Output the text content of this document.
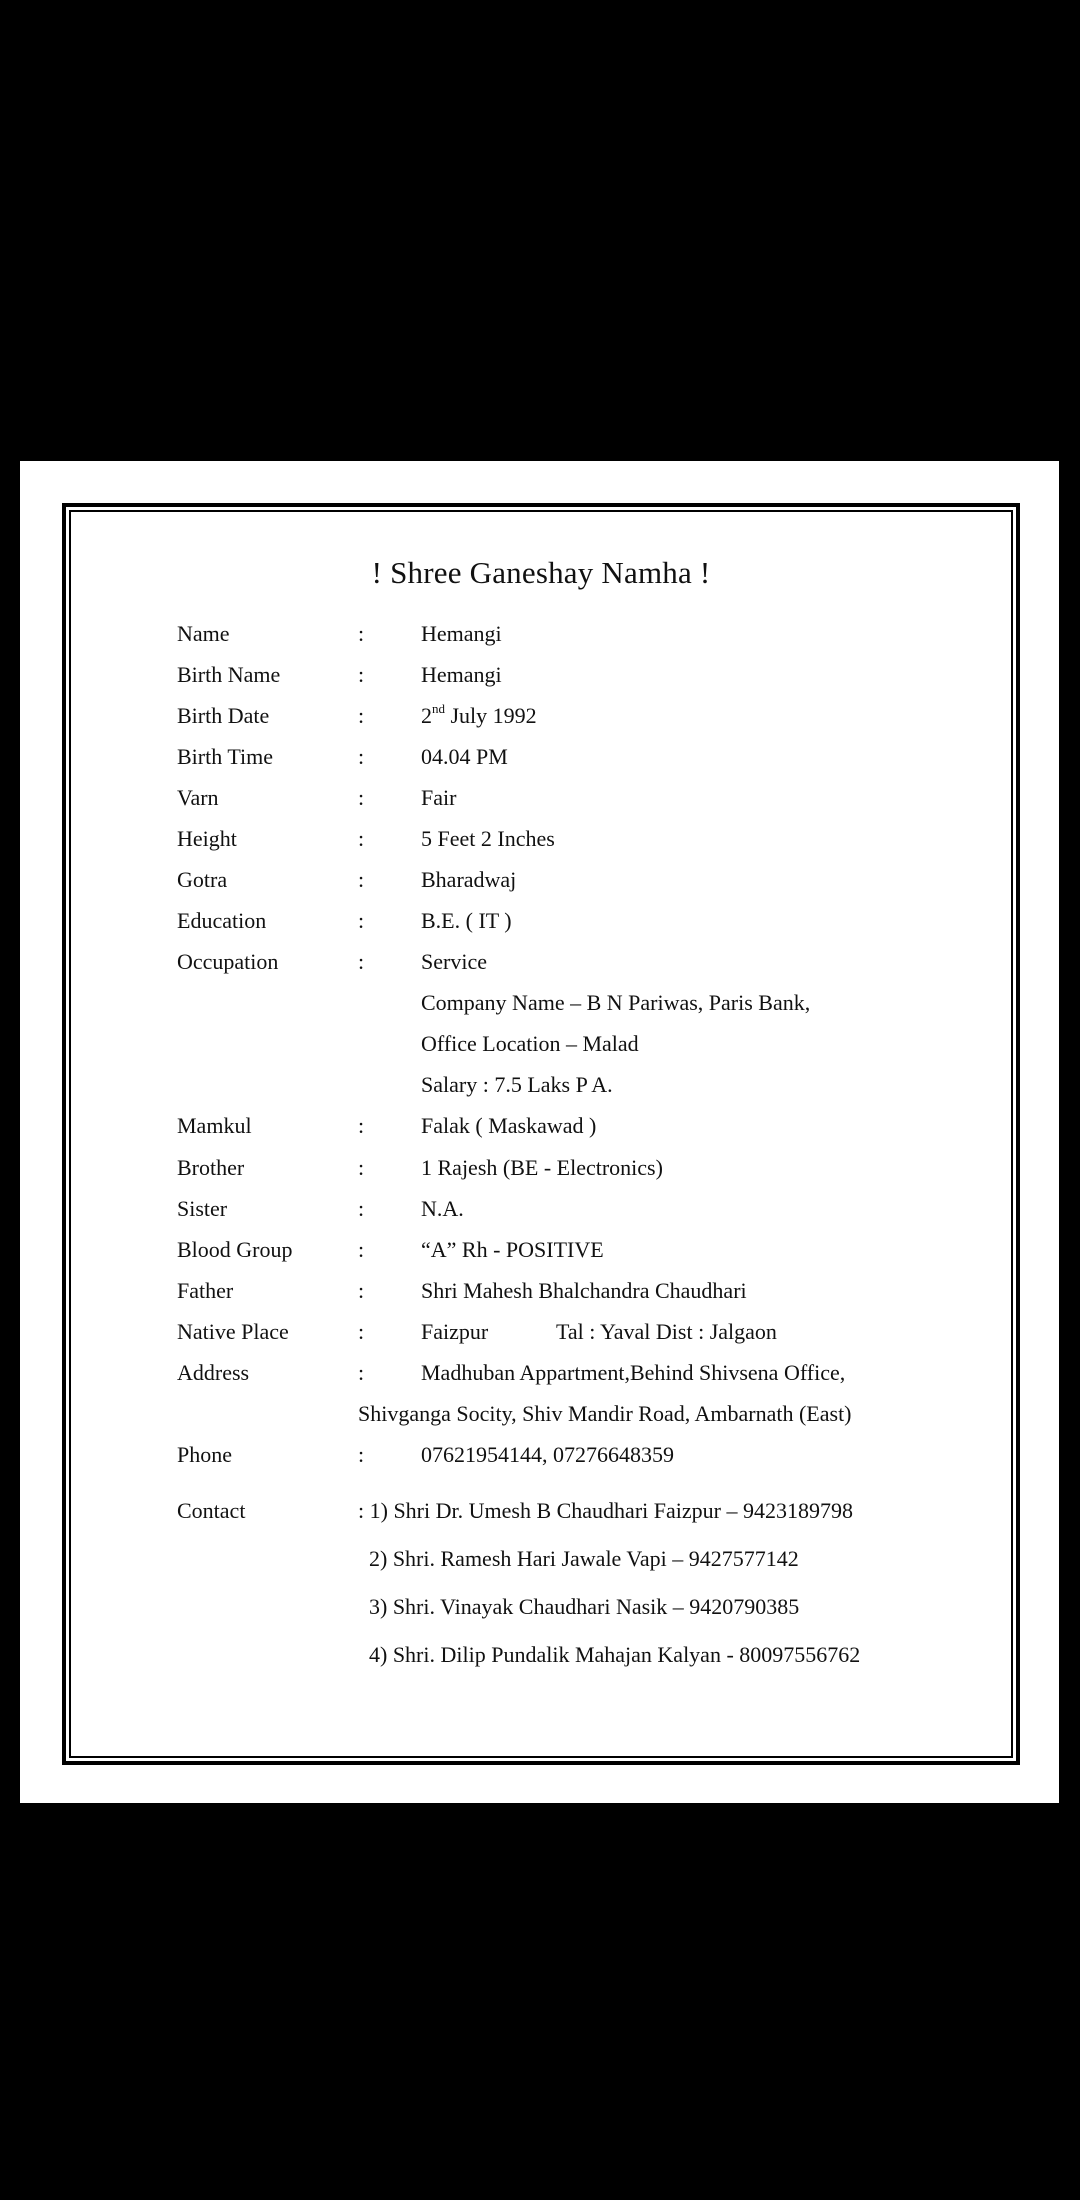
! Shree Ganeshay Namha !
Name	:	Hemangi
Birth Name	:	Hemangi
Birth Date	:	2nd July 1992
Birth Time	:	04.04 PM
Varn	:	Fair
Height	:	5 Feet 2 Inches
Gotra	:	Bharadwaj
Education	:	B.E. ( IT )
Occupation	:	Service
Company Name – B N Pariwas, Paris Bank,
Office Location – Malad
Salary : 7.5 Laks P A.
Mamkul	:	Falak ( Maskawad )
Brother	:	1 Rajesh (BE - Electronics)
Sister	:	N.A.
Blood Group	:	“A” Rh - POSITIVE
Father	:	Shri Mahesh Bhalchandra Chaudhari
Native Place	:	Faizpur	Tal : Yaval Dist : Jalgaon
Address	:	Madhuban Appartment,Behind Shivsena Office,
Shivganga Socity, Shiv Mandir Road, Ambarnath (East)
Phone	:	07621954144, 07276648359
Contact	: 1) Shri Dr. Umesh B Chaudhari Faizpur – 9423189798
2) Shri. Ramesh Hari Jawale Vapi – 9427577142
3) Shri. Vinayak Chaudhari Nasik – 9420790385
4) Shri. Dilip Pundalik Mahajan Kalyan - 80097556762
